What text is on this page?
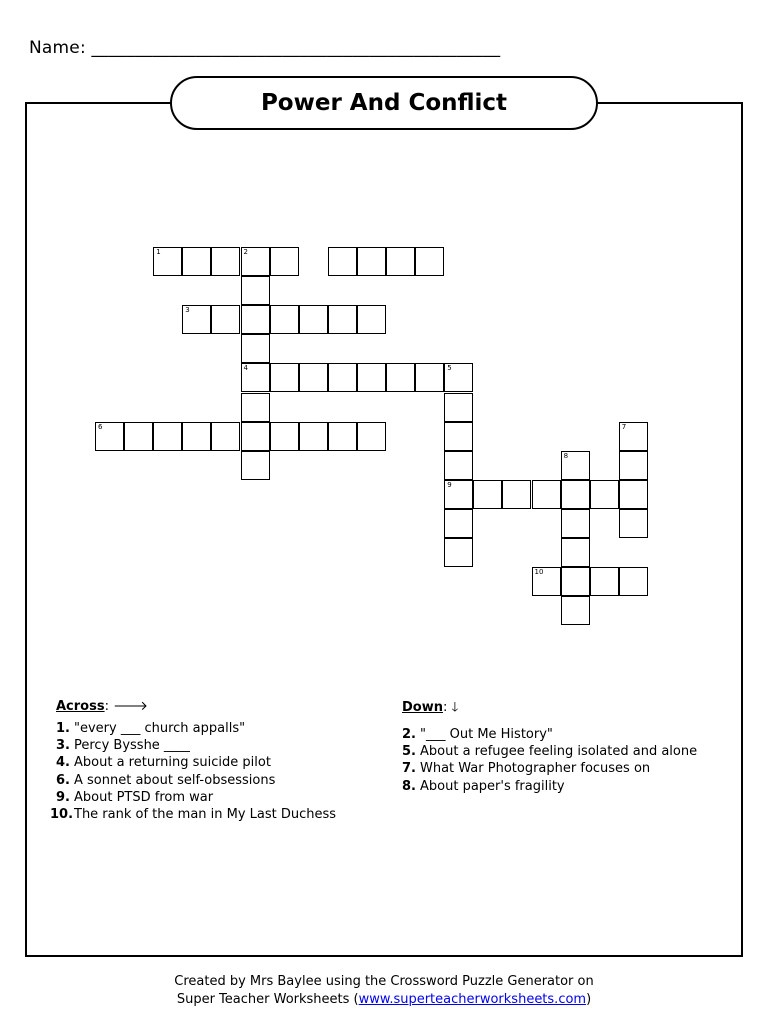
Name: _______________________________________________
Power And Conflict
1	2
3
4	5
6	7
8
9
10
Across: 🡒
1. "every ___ church appalls"
3. Percy Bysshe ____
4. About a returning suicide pilot
6. A sonnet about self-obsessions
9. About PTSD from war
10. The rank of the man in My Last Duchess
Down: 🡓
2. "___ Out Me History"
5. About a refugee feeling isolated and alone
7. What War Photographer focuses on
8. About paper's fragility
Created by Mrs Baylee using the Crossword Puzzle Generator on
Super Teacher Worksheets (www.superteacherworksheets.com)
